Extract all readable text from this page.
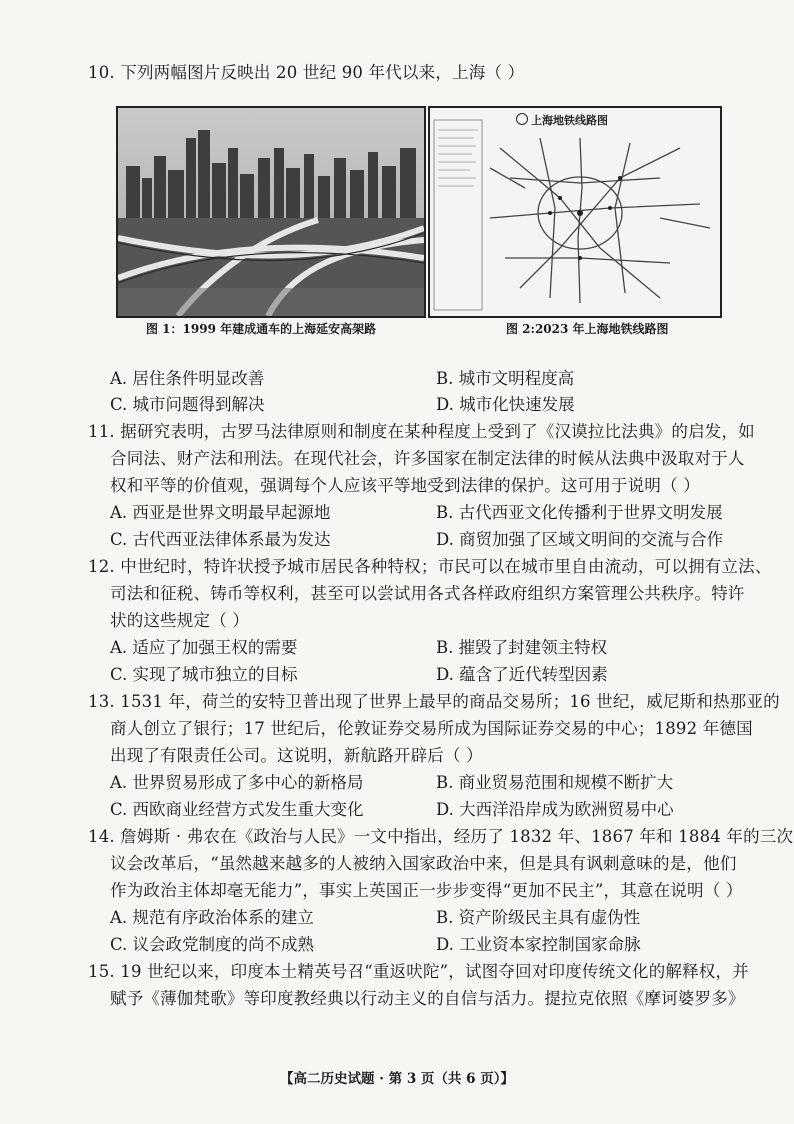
10. 下列两幅图片反映出 20 世纪 90 年代以来，上海（ ）
上海地铁线路图
图 1：1999 年建成通车的上海延安高架路	图 2:2023 年上海地铁线路图
A. 居住条件明显改善	B. 城市文明程度高
C. 城市问题得到解决	D. 城市化快速发展
11. 据研究表明，古罗马法律原则和制度在某种程度上受到了《汉谟拉比法典》的启发，如
合同法、财产法和刑法。在现代社会，许多国家在制定法律的时候从法典中汲取对于人
权和平等的价值观，强调每个人应该平等地受到法律的保护。这可用于说明（ ）
A. 西亚是世界文明最早起源地	B. 古代西亚文化传播利于世界文明发展
C. 古代西亚法律体系最为发达	D. 商贸加强了区域文明间的交流与合作
12. 中世纪时，特许状授予城市居民各种特权；市民可以在城市里自由流动，可以拥有立法、
司法和征税、铸币等权利，甚至可以尝试用各式各样政府组织方案管理公共秩序。特许
状的这些规定（ ）
A. 适应了加强王权的需要	B. 摧毁了封建领主特权
C. 实现了城市独立的目标	D. 蕴含了近代转型因素
13. 1531 年，荷兰的安特卫普出现了世界上最早的商品交易所；16 世纪，威尼斯和热那亚的
商人创立了银行；17 世纪后，伦敦证券交易所成为国际证券交易的中心；1892 年德国
出现了有限责任公司。这说明，新航路开辟后（ ）
A. 世界贸易形成了多中心的新格局	B. 商业贸易范围和规模不断扩大
C. 西欧商业经营方式发生重大变化	D. 大西洋沿岸成为欧洲贸易中心
14. 詹姆斯 · 弗农在《政治与人民》一文中指出，经历了 1832 年、1867 年和 1884 年的三次
议会改革后，“虽然越来越多的人被纳入国家政治中来，但是具有讽刺意味的是，他们
作为政治主体却毫无能力”，事实上英国正一步步变得“更加不民主”，其意在说明（ ）
A. 规范有序政治体系的建立	B. 资产阶级民主具有虚伪性
C. 议会政党制度的尚不成熟	D. 工业资本家控制国家命脉
15. 19 世纪以来，印度本土精英号召“重返吠陀”，试图夺回对印度传统文化的解释权，并
赋予《薄伽梵歌》等印度教经典以行动主义的自信与活力。提拉克依照《摩诃婆罗多》
【高二历史试题 · 第 3 页（共 6 页）】
